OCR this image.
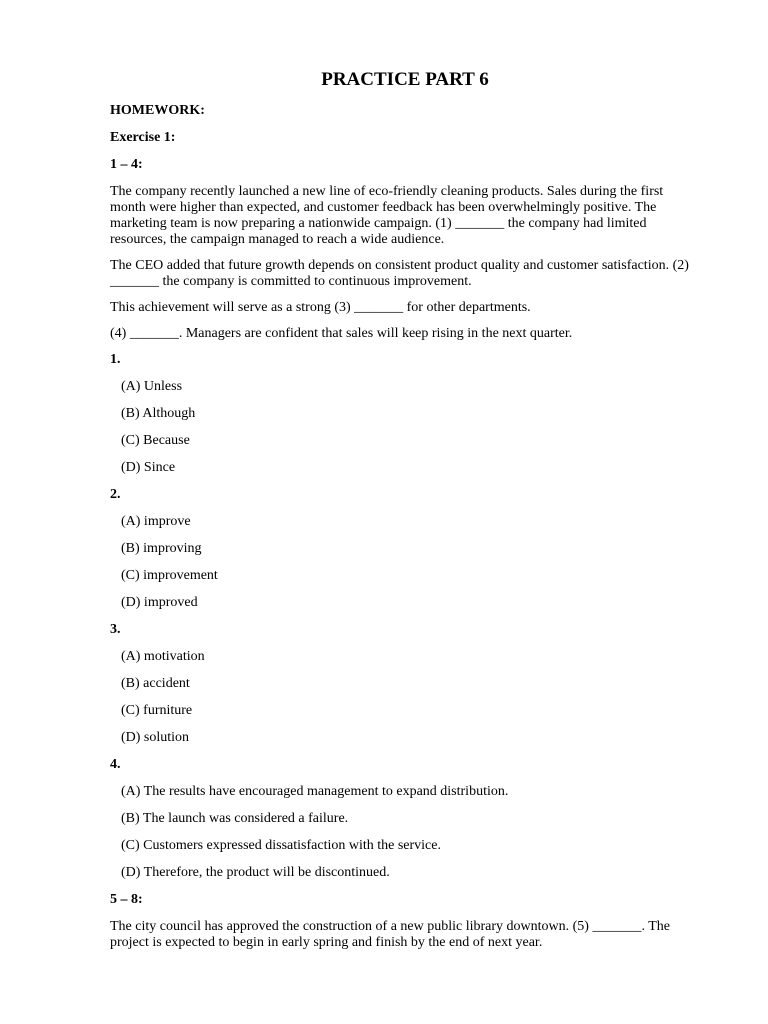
PRACTICE PART 6
HOMEWORK:
Exercise 1:
1 – 4:

The company recently launched a new line of eco-friendly cleaning products. Sales during the first month were higher than expected, and customer feedback has been overwhelmingly positive. The marketing team is now preparing a nationwide campaign. (1) _______ the company had limited resources, the campaign managed to reach a wide audience.

The CEO added that future growth depends on consistent product quality and customer satisfaction. (2) _______ the company is committed to continuous improvement.

This achievement will serve as a strong (3) _______ for other departments.

(4) _______. Managers are confident that sales will keep rising in the next quarter.

1.
(A) Unless
(B) Although
(C) Because
(D) Since
2.
(A) improve
(B) improving
(C) improvement
(D) improved
3.
(A) motivation
(B) accident
(C) furniture
(D) solution
4.
(A) The results have encouraged management to expand distribution.
(B) The launch was considered a failure.
(C) Customers expressed dissatisfaction with the service.
(D) Therefore, the product will be discontinued.
5 – 8:

The city council has approved the construction of a new public library downtown. (5) _______. The project is expected to begin in early spring and finish by the end of next year.
